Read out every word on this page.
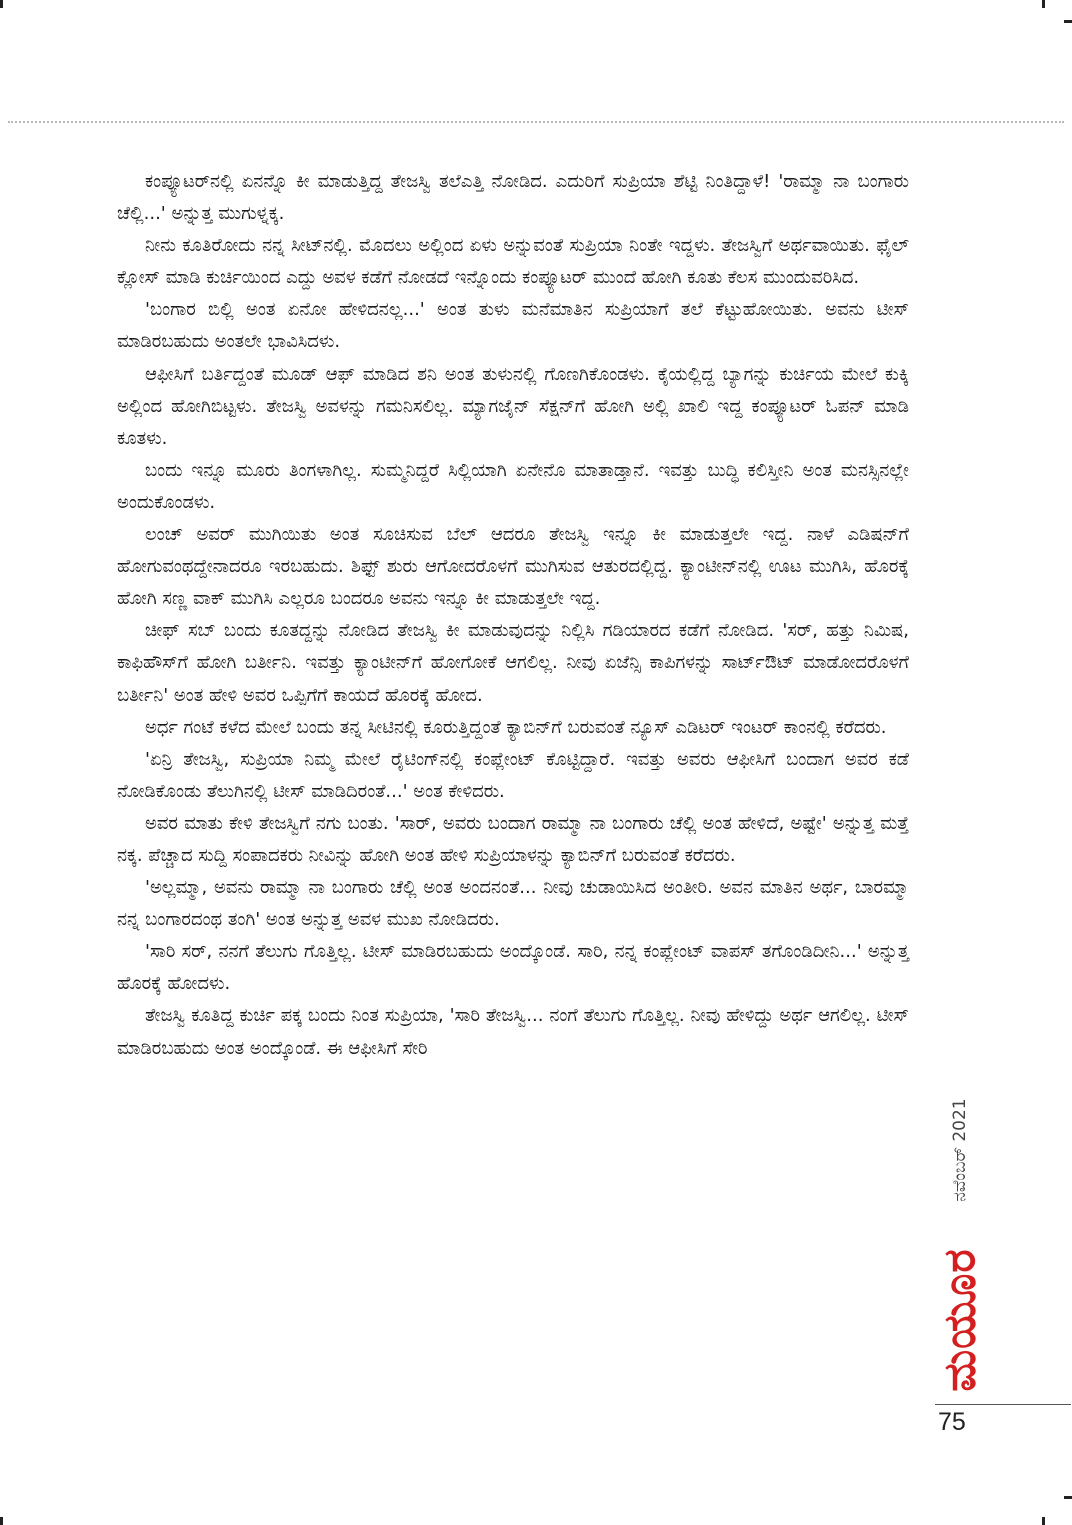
ಕಂಪ್ಯೂಟರ್‌ನಲ್ಲಿ ಏನನ್ನೊ ಕೀ ಮಾಡುತ್ತಿದ್ದ ತೇಜಸ್ವಿ ತಲೆಎತ್ತಿ ನೋಡಿದ. ಎದುರಿಗೆ ಸುಪ್ರಿಯಾ ಶೆಟ್ಟಿ ನಿಂತಿದ್ದಾಳೆ! 'ರಾಮ್ಮಾ ನಾ ಬಂಗಾರು ಚೆಲ್ಲಿ...' ಅನ್ನುತ್ತ ಮುಗುಳ್ನಕ್ಕ.

ನೀನು ಕೂತಿರೋದು ನನ್ನ ಸೀಟ್‌ನಲ್ಲಿ. ಮೊದಲು ಅಲ್ಲಿಂದ ಏಳು ಅನ್ನುವಂತೆ ಸುಪ್ರಿಯಾ ನಿಂತೇ ಇದ್ದಳು. ತೇಜಸ್ವಿಗೆ ಅರ್ಥವಾಯಿತು. ಫೈಲ್ ಕ್ಲೋಸ್ ಮಾಡಿ ಕುರ್ಚಿಯಿಂದ ಎದ್ದು ಅವಳ ಕಡೆಗೆ ನೋಡದೆ ಇನ್ನೊಂದು ಕಂಪ್ಯೂಟರ್ ಮುಂದೆ ಹೋಗಿ ಕೂತು ಕೆಲಸ ಮುಂದುವರಿಸಿದ.

'ಬಂಗಾರ ಬಿಲ್ಲಿ ಅಂತ ಏನೋ ಹೇಳಿದನಲ್ಲ...' ಅಂತ ತುಳು ಮನೆಮಾತಿನ ಸುಪ್ರಿಯಾಗೆ ತಲೆ ಕೆಟ್ಟುಹೋಯಿತು. ಅವನು ಟೀಸ್ ಮಾಡಿರಬಹುದು ಅಂತಲೇ ಭಾವಿಸಿದಳು.

ಆಫೀಸಿಗೆ ಬರ್ತಿದ್ದಂತೆ ಮೂಡ್ ಆಫ್ ಮಾಡಿದ ಶನಿ ಅಂತ ತುಳುನಲ್ಲಿ ಗೊಣಗಿಕೊಂಡಳು. ಕೈಯಲ್ಲಿದ್ದ ಬ್ಯಾಗನ್ನು ಕುರ್ಚಿಯ ಮೇಲೆ ಕುಕ್ಕಿ ಅಲ್ಲಿಂದ ಹೋಗಿಬಿಟ್ಟಳು. ತೇಜಸ್ವಿ ಅವಳನ್ನು ಗಮನಿಸಲಿಲ್ಲ. ಮ್ಯಾಗಜೈನ್ ಸೆಕ್ಷನ್‌ಗೆ ಹೋಗಿ ಅಲ್ಲಿ ಖಾಲಿ ಇದ್ದ ಕಂಪ್ಯೂಟರ್ ಓಪನ್ ಮಾಡಿ ಕೂತಳು.

ಬಂದು ಇನ್ನೂ ಮೂರು ತಿಂಗಳಾಗಿಲ್ಲ. ಸುಮ್ಮನಿದ್ದರೆ ಸಿಲ್ಲಿಯಾಗಿ ಏನೇನೊ ಮಾತಾಡ್ತಾನೆ. ಇವತ್ತು ಬುದ್ಧಿ ಕಲಿಸ್ತೀನಿ ಅಂತ ಮನಸ್ಸಿನಲ್ಲೇ ಅಂದುಕೊಂಡಳು.

ಲಂಚ್ ಅವರ್ ಮುಗಿಯಿತು ಅಂತ ಸೂಚಿಸುವ ಬೆಲ್ ಆದರೂ ತೇಜಸ್ವಿ ಇನ್ನೂ ಕೀ ಮಾಡುತ್ತಲೇ ಇದ್ದ. ನಾಳೆ ಎಡಿಷನ್‌ಗೆ ಹೋಗುವಂಥದ್ದೇನಾದರೂ ಇರಬಹುದು. ಶಿಫ್ಟ್ ಶುರು ಆಗೋದರೊಳಗೆ ಮುಗಿಸುವ ಆತುರದಲ್ಲಿದ್ದ. ಕ್ಯಾಂಟೀನ್‌ನಲ್ಲಿ ಊಟ ಮುಗಿಸಿ, ಹೊರಕ್ಕೆ ಹೋಗಿ ಸಣ್ಣ ವಾಕ್ ಮುಗಿಸಿ ಎಲ್ಲರೂ ಬಂದರೂ ಅವನು ಇನ್ನೂ ಕೀ ಮಾಡುತ್ತಲೇ ಇದ್ದ.

ಚೀಫ್ ಸಬ್ ಬಂದು ಕೂತದ್ದನ್ನು ನೋಡಿದ ತೇಜಸ್ವಿ ಕೀ ಮಾಡುವುದನ್ನು ನಿಲ್ಲಿಸಿ ಗಡಿಯಾರದ ಕಡೆಗೆ ನೋಡಿದ. 'ಸರ್, ಹತ್ತು ನಿಮಿಷ, ಕಾಫಿಹೌಸ್‌ಗೆ ಹೋಗಿ ಬರ್ತೀನಿ. ಇವತ್ತು ಕ್ಯಾಂಟೀನ್‌ಗೆ ಹೋಗೋಕೆ ಆಗಲಿಲ್ಲ. ನೀವು ಏಜೆನ್ಸಿ ಕಾಪಿಗಳನ್ನು ಸಾರ್ಟ್‌ಔಟ್ ಮಾಡೋದರೊಳಗೆ ಬರ್ತೀನಿ' ಅಂತ ಹೇಳಿ ಅವರ ಒಪ್ಪಿಗೆಗೆ ಕಾಯದೆ ಹೊರಕ್ಕೆ ಹೋದ.

ಅರ್ಧ ಗಂಟೆ ಕಳೆದ ಮೇಲೆ ಬಂದು ತನ್ನ ಸೀಟಿನಲ್ಲಿ ಕೂರುತ್ತಿದ್ದಂತೆ ಕ್ಯಾಬಿನ್‌ಗೆ ಬರುವಂತೆ ನ್ಯೂಸ್ ಎಡಿಟರ್ ಇಂಟರ್ ಕಾಂನಲ್ಲಿ ಕರೆದರು.

'ಏನ್ರಿ ತೇಜಸ್ವಿ, ಸುಪ್ರಿಯಾ ನಿಮ್ಮ ಮೇಲೆ ರೈಟಿಂಗ್‌ನಲ್ಲಿ ಕಂಪ್ಲೇಂಟ್ ಕೊಟ್ಟಿದ್ದಾರೆ. ಇವತ್ತು ಅವರು ಆಫೀಸಿಗೆ ಬಂದಾಗ ಅವರ ಕಡೆ ನೋಡಿಕೊಂಡು ತೆಲುಗಿನಲ್ಲಿ ಟೀಸ್ ಮಾಡಿದಿರಂತೆ...' ಅಂತ ಕೇಳಿದರು.

ಅವರ ಮಾತು ಕೇಳಿ ತೇಜಸ್ವಿಗೆ ನಗು ಬಂತು. 'ಸಾರ್, ಅವರು ಬಂದಾಗ ರಾಮ್ಮಾ ನಾ ಬಂಗಾರು ಚೆಲ್ಲಿ ಅಂತ ಹೇಳಿದೆ, ಅಷ್ಟೇ' ಅನ್ನುತ್ತ ಮತ್ತೆ ನಕ್ಕ. ಪೆಚ್ಚಾದ ಸುದ್ದಿ ಸಂಪಾದಕರು ನೀವಿನ್ನು ಹೋಗಿ ಅಂತ ಹೇಳಿ ಸುಪ್ರಿಯಾಳನ್ನು ಕ್ಯಾಬಿನ್‌ಗೆ ಬರುವಂತೆ ಕರೆದರು.

'ಅಲ್ಲಮ್ಮಾ, ಅವನು ರಾಮ್ಮಾ ನಾ ಬಂಗಾರು ಚೆಲ್ಲಿ ಅಂತ ಅಂದನಂತೆ... ನೀವು ಚುಡಾಯಿಸಿದ ಅಂತೀರಿ. ಅವನ ಮಾತಿನ ಅರ್ಥ, ಬಾರಮ್ಮಾ ನನ್ನ ಬಂಗಾರದಂಥ ತಂಗಿ' ಅಂತ ಅನ್ನುತ್ತ ಅವಳ ಮುಖ ನೋಡಿದರು.

'ಸಾರಿ ಸರ್, ನನಗೆ ತೆಲುಗು ಗೊತ್ತಿಲ್ಲ. ಟೀಸ್ ಮಾಡಿರಬಹುದು ಅಂದ್ಕೊಂಡೆ. ಸಾರಿ, ನನ್ನ ಕಂಪ್ಲೇಂಟ್ ವಾಪಸ್ ತಗೊಂಡಿದೀನಿ...' ಅನ್ನುತ್ತ ಹೊರಕ್ಕೆ ಹೋದಳು.

ತೇಜಸ್ವಿ ಕೂತಿದ್ದ ಕುರ್ಚಿ ಪಕ್ಕ ಬಂದು ನಿಂತ ಸುಪ್ರಿಯಾ, 'ಸಾರಿ ತೇಜಸ್ವಿ... ನಂಗೆ ತೆಲುಗು ಗೊತ್ತಿಲ್ಲ. ನೀವು ಹೇಳಿದ್ದು ಅರ್ಥ ಆಗಲಿಲ್ಲ. ಟೀಸ್ ಮಾಡಿರಬಹುದು ಅಂತ ಅಂದ್ಕೊಂಡೆ. ಈ ಆಫೀಸಿಗೆ ಸೇರಿ

ನವೆಂಬರ್ 2021
ಮಯೂರ
75
